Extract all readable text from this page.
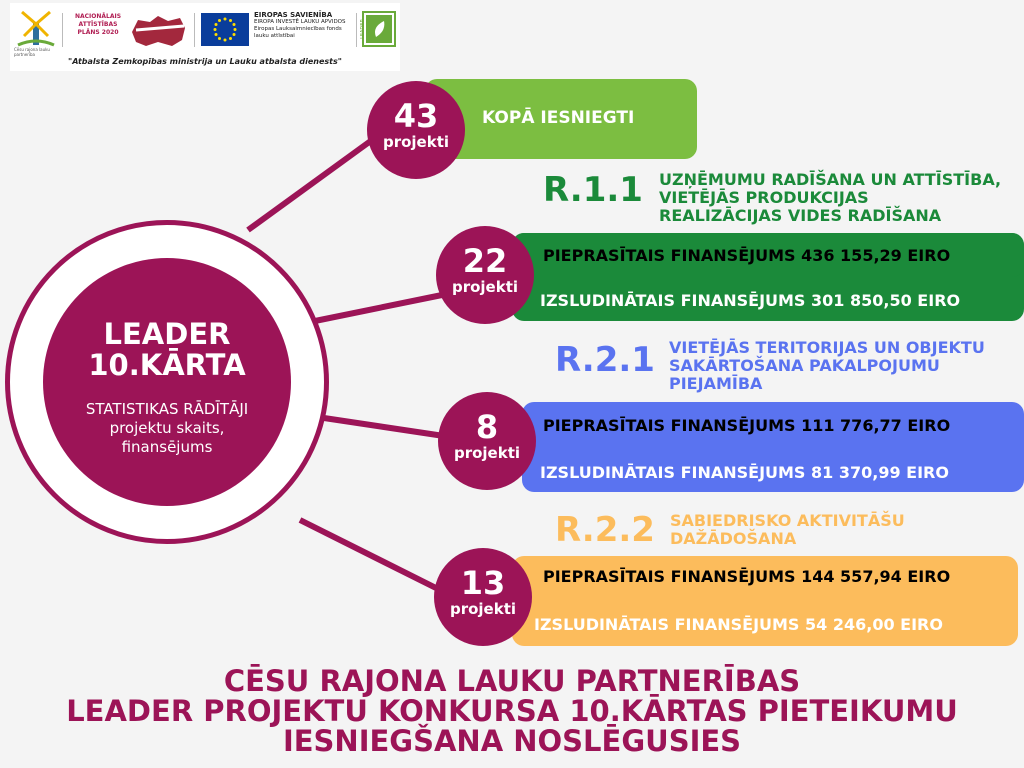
Cēsu rajona lauku partnerība
NACIONĀLAIS
ATTĪSTĪBAS
PLĀNS 2020
EIROPAS SAVIENĪBA
EIROPA INVESTĒ LAUKU APVIDOS
Eiropas Lauksaimniecības fonds
lauku attīstībai	LEADER
"Atbalsta Zemkopības ministrija un Lauku atbalsta dienests"
LEADER
10.KĀRTA
STATISTIKAS RĀDĪTĀJI
projektu skaits,
finansējums
KOPĀ IESNIEGTI
43
projekti
R.1.1 UZŅĒMUMU RADĪŠANA UN ATTĪSTĪBA,
VIETĒJĀS PRODUKCIJAS
REALIZĀCIJAS VIDES RADĪŠANA
PIEPRASĪTAIS FINANSĒJUMS 436 155,29 EIRO
IZSLUDINĀTAIS FINANSĒJUMS 301 850,50 EIRO
22
projekti
R.2.1 VIETĒJĀS TERITORIJAS UN OBJEKTU
SAKĀRTOŠANA PAKALPOJUMU
PIEJAMĪBA
PIEPRASĪTAIS FINANSĒJUMS 111 776,77 EIRO
IZSLUDINĀTAIS FINANSĒJUMS 81 370,99 EIRO
8
projekti
R.2.2 SABIEDRISKO AKTIVITĀŠU
DAŽĀDOŠANA
PIEPRASĪTAIS FINANSĒJUMS 144 557,94 EIRO
IZSLUDINĀTAIS FINANSĒJUMS 54 246,00 EIRO
13
projekti
CĒSU RAJONA LAUKU PARTNERĪBAS
LEADER PROJEKTU KONKURSA 10.KĀRTAS PIETEIKUMU
IESNIEGŠANA NOSLĒGUSIES
